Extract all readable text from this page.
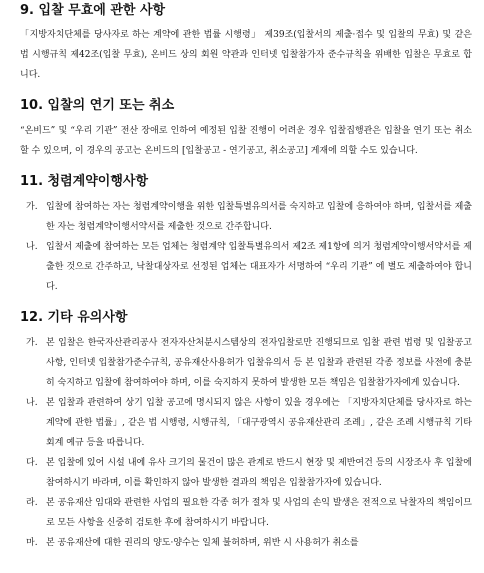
9. 입찰 무효에 관한 사항
「지방자치단체를 당사자로 하는 계약에 관한 법률 시행령」 제39조(입찰서의 제출·접수 및 입찰의 무효) 및 같은 법 시행규칙 제42조(입찰 무효), 온비드 상의 회원 약관과 인터넷 입찰참가자 준수규칙을 위배한 입찰은 무효로 합니다.
10. 입찰의 연기 또는 취소
“온비드” 및 “우리 기관” 전산 장애로 인하여 예정된 입찰 진행이 어려운 경우 입찰집행관은 입찰을 연기 또는 취소할 수 있으며, 이 경우의 공고는 온비드의 [입찰공고 - 연기공고, 취소공고] 게재에 의할 수도 있습니다.
11. 청렴계약이행사항
가. 입찰에 참여하는 자는 청렴계약이행을 위한 입찰특별유의서를 숙지하고 입찰에 응하여야 하며, 입찰서를 제출한 자는 청렴계약이행서약서를 제출한 것으로 간주합니다.
나. 입찰서 제출에 참여하는 모든 업체는 청렴계약 입찰특별유의서 제2조 제1항에 의거 청렴계약이행서약서를 제출한 것으로 간주하고, 낙찰대상자로 선정된 업체는 대표자가 서명하여 “우리 기관” 에 별도 제출하여야 합니다.
12. 기타 유의사항
가. 본 입찰은 한국자산관리공사 전자자산처분시스템상의 전자입찰로만 진행되므로 입찰 관련 법령 및 입찰공고사항, 인터넷 입찰참가준수규칙, 공유재산사용허가 입찰유의서 등 본 입찰과 관련된 각종 정보를 사전에 충분히 숙지하고 입찰에 참여하여야 하며, 이를 숙지하지 못하여 발생한 모든 책임은 입찰참가자에게 있습니다.
나. 본 입찰과 관련하여 상기 입찰 공고에 명시되지 않은 사항이 있을 경우에는 「지방자치단체를 당사자로 하는 계약에 관한 법률」, 같은 법 시행령, 시행규칙, 「대구광역시 공유재산관리 조례」, 같은 조례 시행규칙 기타 회계 예규 등을 따릅니다.
다. 본 입찰에 있어 시설 내에 유사 크기의 물건이 많은 관계로 반드시 현장 및 제반여건 등의 시장조사 후 입찰에 참여하시기 바라며, 이를 확인하지 않아 발생한 결과의 책임은 입찰참가자에 있습니다.
라. 본 공유재산 임대와 관련한 사업의 필요한 각종 허가 절차 및 사업의 손익 발생은 전적으로 낙찰자의 책임이므로 모든 사항을 신중히 검토한 후에 참여하시기 바랍니다.
마. 본 공유재산에 대한 권리의 양도·양수는 일체 불허하며, 위반 시 사용허가 취소를
